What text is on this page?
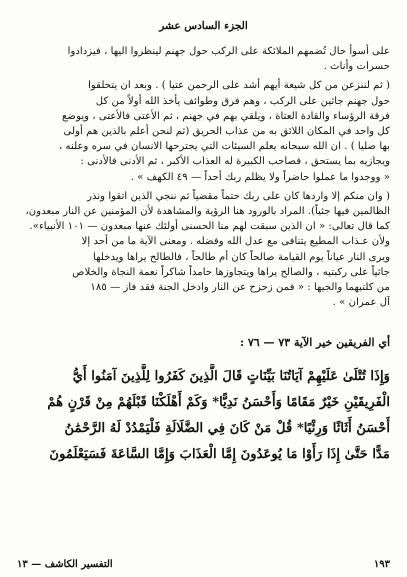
الجزء السادس عشر

على أسوأ حال تُضمهم الملائكة على الركب حول جهنم لينظروا اليها ، فيزدادوا
حسرات وأناث .

( ثم لننزعن من كل شيعة أيهم أشد على الرحمن عتيا ) . وبعد ان يتحلقوا
حول جهنم جاثين على الركب ، وهم فرق وطوائف يأخذ الله أولاً من كل
فرقة الرؤساء والقادة العتاة ، ويلقي بهم في جهنم ، ثم الأعتى فالأعتى ، ويوضع
كل واحد في المكان اللائق به من عذاب الحريق (ثم لنحن أعلم بالذين هم أولى
بها صليا ) . ان الله سبحانه يعلم السيئات التي يجترحها الانسان في سره وعلنه ،
ويجازيه بما يستحق ، فصاحب الكبيرة له العذاب الأكبر ، ثم الأدنى فالأدنى :
« ووجدوا ما عملوا حاضراً ولا يظلم ربك أحداً — ٤٩ الكهف » .

( وان منكم إلا واردها كان على ربك حتماً مقضياً ثم ننجي الذين اتقوا ونذر
الظالمين فيها جثياً). المراد بالورود هنا الرؤية والمشاهدة لأن المؤمنين عن النار مبعدون،
كما قال تعالى: « ان الذين سبقت لهم منا الحسنى أولئك عنها مبعدون — ١٠١ الأنبياء».
ولأن عـذاب المطيع يتنافى مع عدل الله وفضله . ومعنى الآية ما من أحد إلا
ويرى النار عياناً يوم القيامة صالحاً كان أم طالحاً ، فالطالح يراها ويدخلها
جاثياً على ركبتيه ، والصالح يراها ويتجاوزها حامداً شاكراً نعمة النجاة والخلاص
من كلتيهما والجيها : « فمن زحزح عن النار وادخل الجنة فقد فاز — ١٨٥
آل عمران » .

أي الفريقين خير الآية ٧٣ — ٧٦ :
وَإِذَا تُتْلَىٰ عَلَيْهِمْ آيَاتُنَا بَيِّنَاتٍ قَالَ الَّذِينَ كَفَرُوا لِلَّذِينَ آمَنُوا أَيُّ
الْفَرِيقَيْنِ خَيْرٌ مَقَامًا وَأَحْسَنُ نَدِيًّا* وَكَمْ أَهْلَكْنَا قَبْلَهُمْ مِنْ قَرْنٍ هُمْ
أَحْسَنُ أَثَاثًا وَرِئْيًا* قُلْ مَنْ كَانَ فِي الضَّلَالَةِ فَلْيَمْدُدْ لَهُ الرَّحْمَٰنُ
مَدًّا حَتَّىٰ إِذَا رَأَوْا مَا يُوعَدُونَ إِمَّا الْعَذَابَ وَإِمَّا السَّاعَةَ فَسَيَعْلَمُونَ
١٩٣
التفسير الكاشف — ١٣
